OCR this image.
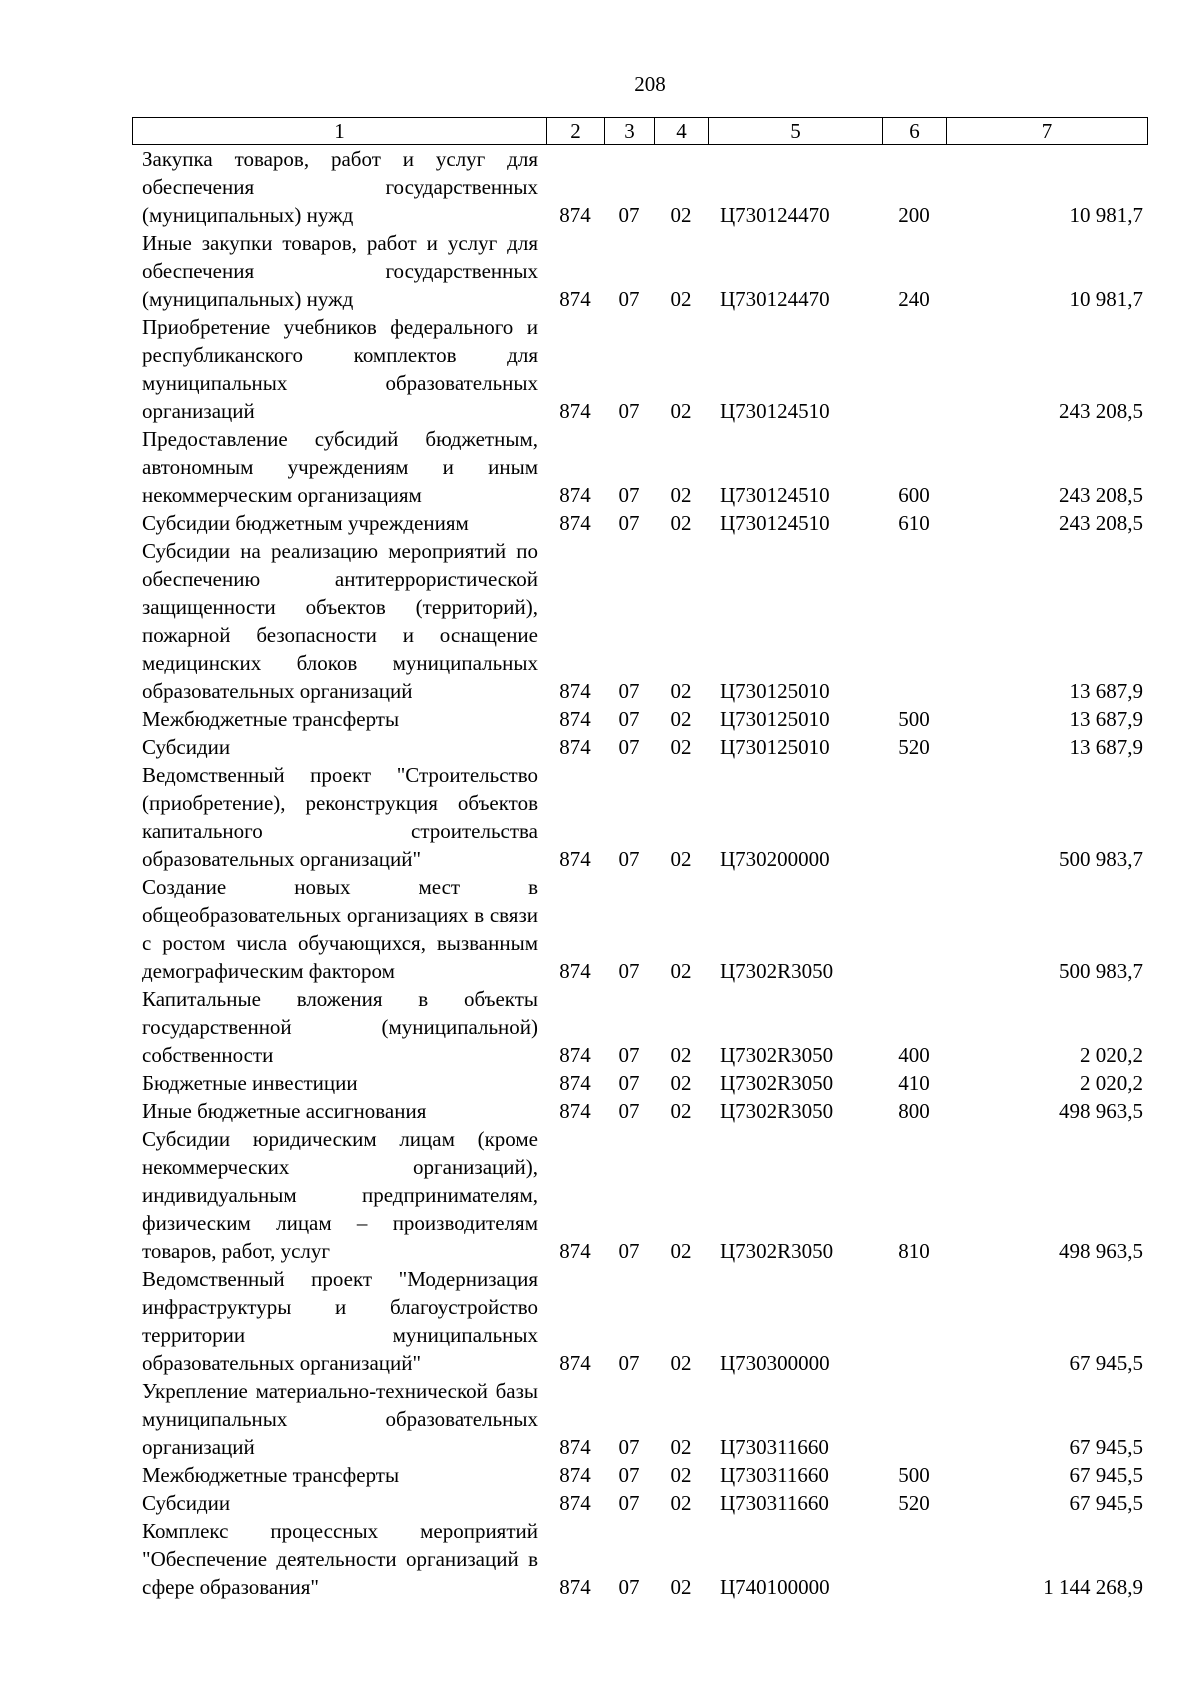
208
1	2	3	4	5	6	7
Закупка товаров, работ и услуг для обеспечения государственных (муниципальных) нужд	874	07	02	Ц730124470	200	10 981,7
Иные закупки товаров, работ и услуг для обеспечения государственных (муниципальных) нужд	874	07	02	Ц730124470	240	10 981,7
Приобретение учебников федерального и республиканского комплектов для муниципальных образовательных организаций	874	07	02	Ц730124510		243 208,5
Предоставление субсидий бюджетным, автономным учреждениям и иным некоммерческим организациям	874	07	02	Ц730124510	600	243 208,5
Субсидии бюджетным учреждениям	874	07	02	Ц730124510	610	243 208,5
Субсидии на реализацию мероприятий по обеспечению антитеррористической защищенности объектов (территорий), пожарной безопасности и оснащение медицинских блоков муниципальных образовательных организаций	874	07	02	Ц730125010		13 687,9
Межбюджетные трансферты	874	07	02	Ц730125010	500	13 687,9
Субсидии	874	07	02	Ц730125010	520	13 687,9
Ведомственный проект "Строительство (приобретение), реконструкция объектов капитального строительства образовательных организаций"	874	07	02	Ц730200000		500 983,7
Создание новых мест в общеобразовательных организациях в связи с ростом числа обучающихся, вызванным демографическим фактором	874	07	02	Ц7302R3050		500 983,7
Капитальные вложения в объекты государственной (муниципальной) собственности	874	07	02	Ц7302R3050	400	2 020,2
Бюджетные инвестиции	874	07	02	Ц7302R3050	410	2 020,2
Иные бюджетные ассигнования	874	07	02	Ц7302R3050	800	498 963,5
Субсидии юридическим лицам (кроме некоммерческих организаций), индивидуальным предпринимателям, физическим лицам – производителям товаров, работ, услуг	874	07	02	Ц7302R3050	810	498 963,5
Ведомственный проект "Модернизация инфраструктуры и благоустройство территории муниципальных образовательных организаций"	874	07	02	Ц730300000		67 945,5
Укрепление материально-технической базы муниципальных образовательных организаций	874	07	02	Ц730311660		67 945,5
Межбюджетные трансферты	874	07	02	Ц730311660	500	67 945,5
Субсидии	874	07	02	Ц730311660	520	67 945,5
Комплекс процессных мероприятий "Обеспечение деятельности организаций в сфере образования"	874	07	02	Ц740100000		1 144 268,9
